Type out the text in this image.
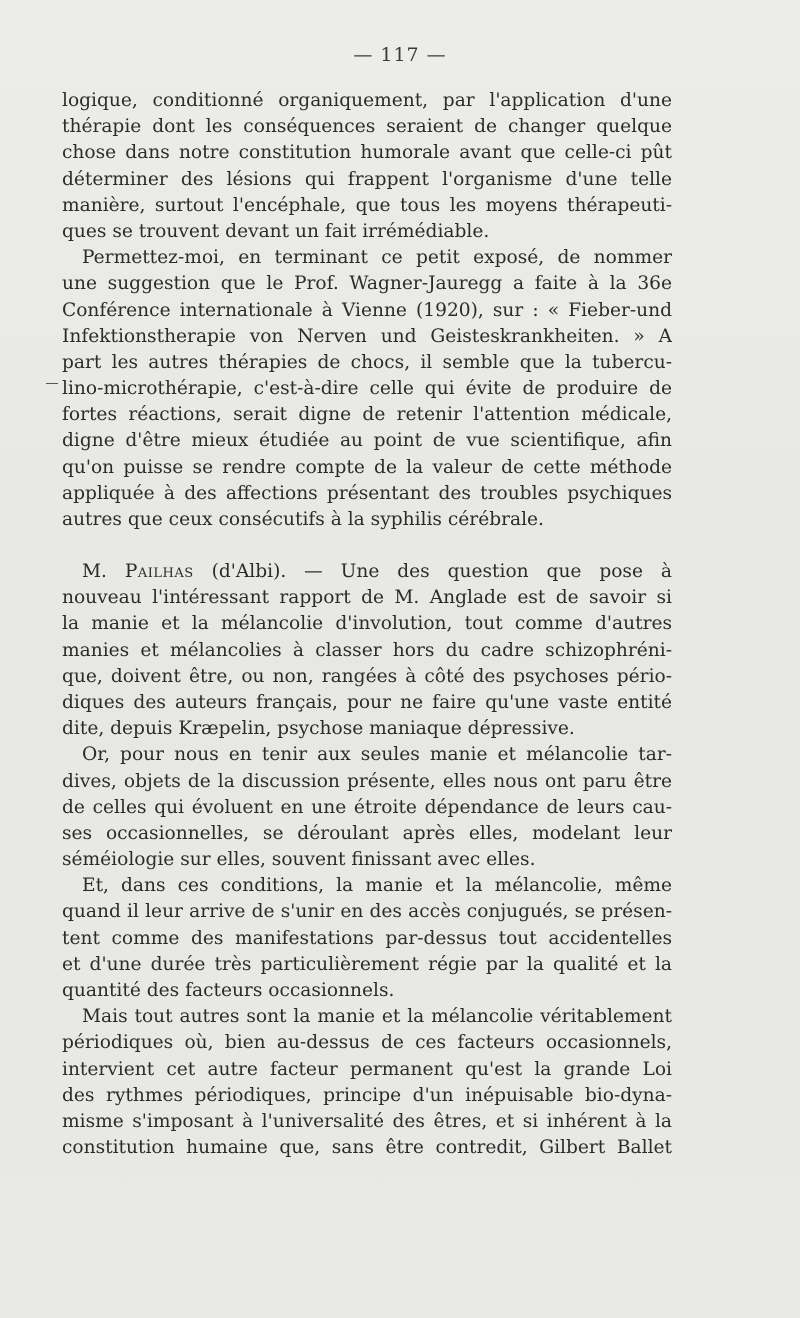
— 117 —
logique, conditionné organiquement, par l'application d'une
thérapie dont les conséquences seraient de changer quelque
chose dans notre constitution humorale avant que celle-ci pût
déterminer des lésions qui frappent l'organisme d'une telle
manière, surtout l'encéphale, que tous les moyens thérapeuti-
ques se trouvent devant un fait irrémédiable.
Permettez-moi, en terminant ce petit exposé, de nommer
une suggestion que le Prof. Wagner-Jauregg a faite à la 36e
Conférence internationale à Vienne (1920), sur : « Fieber-und
Infektionstherapie von Nerven und Geisteskrankheiten. » A
part les autres thérapies de chocs, il semble que la tubercu-
lino-microthérapie, c'est-à-dire celle qui évite de produire de
fortes réactions, serait digne de retenir l'attention médicale,
digne d'être mieux étudiée au point de vue scientifique, afin
qu'on puisse se rendre compte de la valeur de cette méthode
appliquée à des affections présentant des troubles psychiques
autres que ceux consécutifs à la syphilis cérébrale.
M. Pailhas (d'Albi). — Une des question que pose à
nouveau l'intéressant rapport de M. Anglade est de savoir si
la manie et la mélancolie d'involution, tout comme d'autres
manies et mélancolies à classer hors du cadre schizophréni-
que, doivent être, ou non, rangées à côté des psychoses pério-
diques des auteurs français, pour ne faire qu'une vaste entité
dite, depuis Kræpelin, psychose maniaque dépressive.
Or, pour nous en tenir aux seules manie et mélancolie tar-
dives, objets de la discussion présente, elles nous ont paru être
de celles qui évoluent en une étroite dépendance de leurs cau-
ses occasionnelles, se déroulant après elles, modelant leur
séméiologie sur elles, souvent finissant avec elles.
Et, dans ces conditions, la manie et la mélancolie, même
quand il leur arrive de s'unir en des accès conjugués, se présen-
tent comme des manifestations par-dessus tout accidentelles
et d'une durée très particulièrement régie par la qualité et la
quantité des facteurs occasionnels.
Mais tout autres sont la manie et la mélancolie véritablement
périodiques où, bien au-dessus de ces facteurs occasionnels,
intervient cet autre facteur permanent qu'est la grande Loi
des rythmes périodiques, principe d'un inépuisable bio-dyna-
misme s'imposant à l'universalité des êtres, et si inhérent à la
constitution humaine que, sans être contredit, Gilbert Ballet
